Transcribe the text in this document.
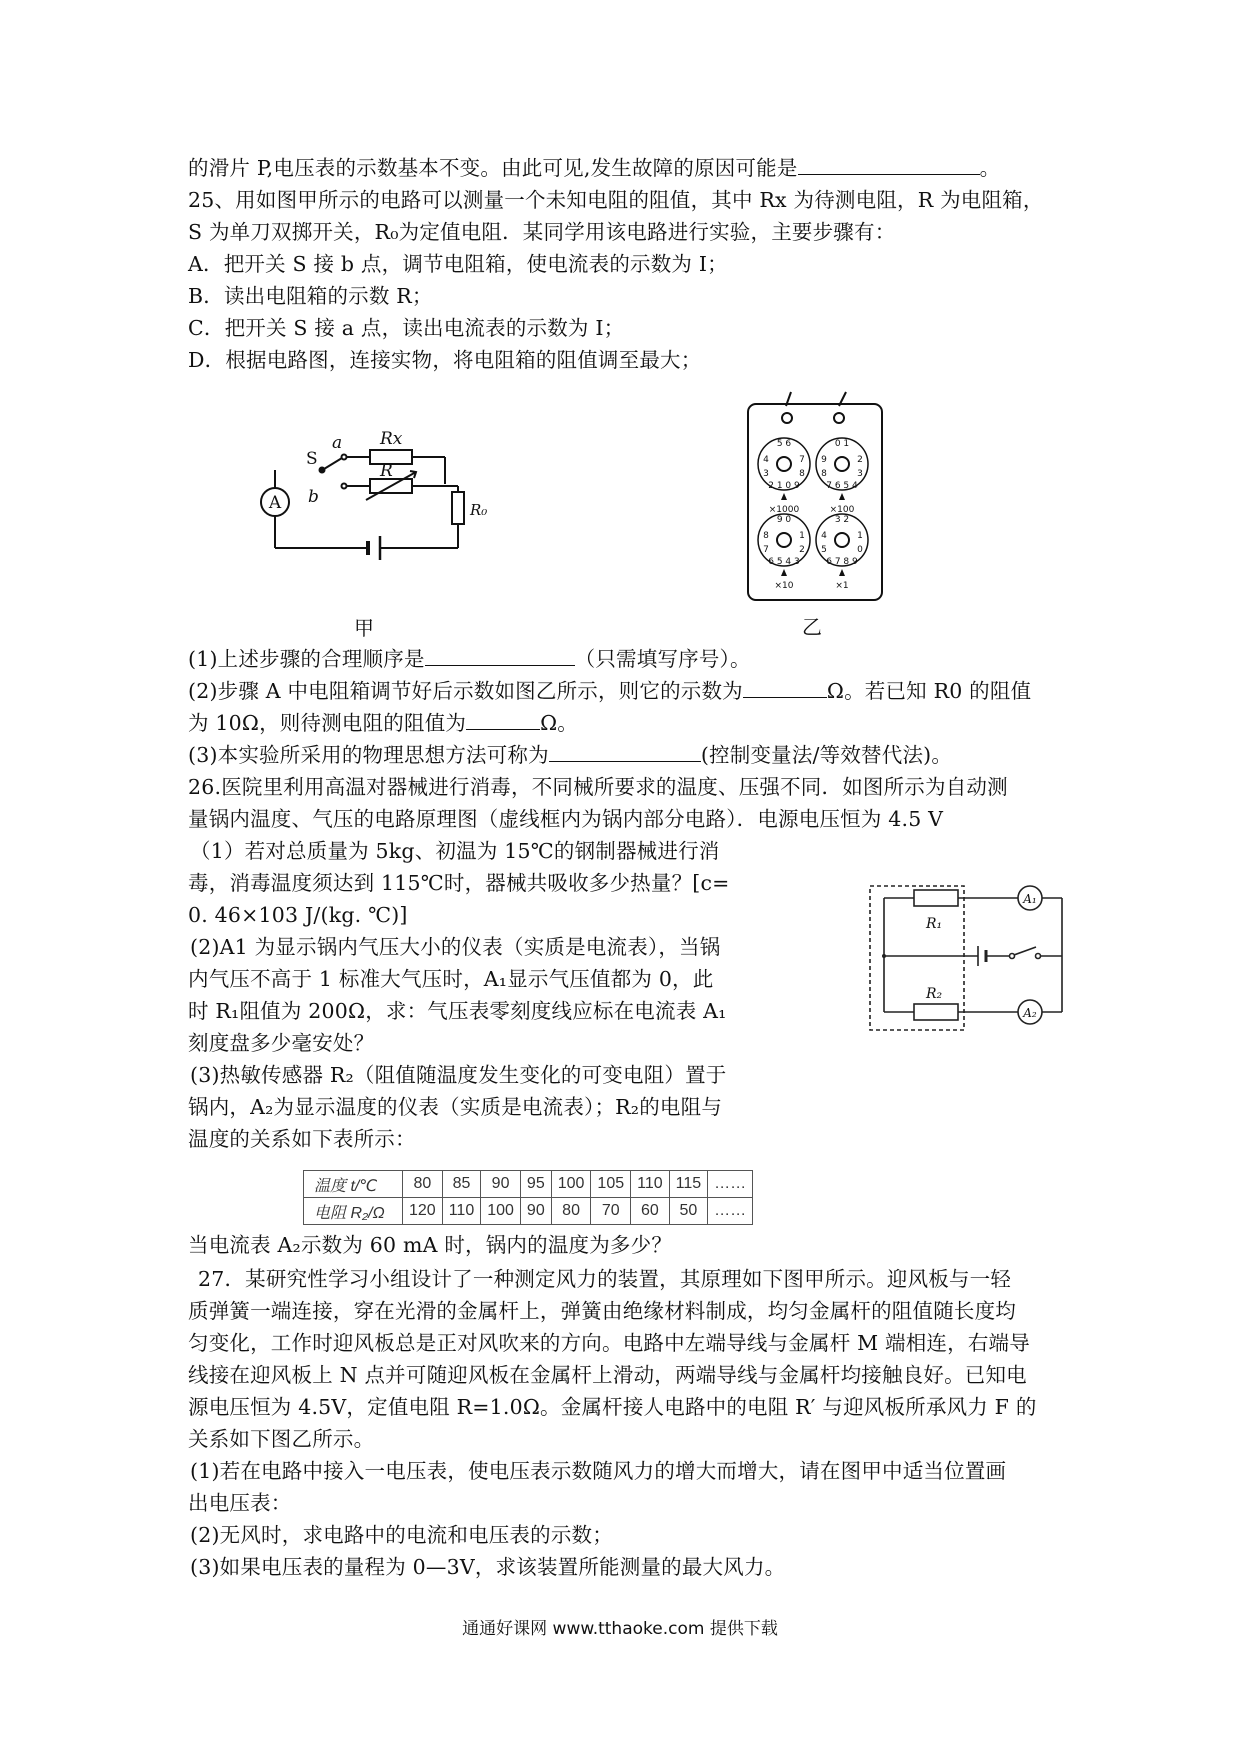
的滑片 P,电压表的示数基本不变。由此可见,发生故障的原因可能是	。
25、用如图甲所示的电路可以测量一个未知电阻的阻值，其中 Rx 为待测电阻，R 为电阻箱，
S 为单刀双掷开关，R₀为定值电阻．某同学用该电路进行实验，主要步骤有：
A．把开关 S 接 b 点，调节电阻箱，使电流表的示数为 I；
B．读出电阻箱的示数 R；
C．把开关 S 接 a 点，读出电流表的示数为 I；
D．根据电路图，连接实物，将电阻箱的阻值调至最大；
A
S
a
b
Rx
R
R₀
甲
5 6
4	7
3	8
2 1 0 9
0 1
9	2
8	3
7 6 5 4
9 0
8	1
7	2
6 5 4 3
3 2
4	1
5	0
6 7 8 9
×1000	×100
×10	×1
乙
(1)上述步骤的合理顺序是	（只需填写序号）。
(2)步骤 A 中电阻箱调节好后示数如图乙所示，则它的示数为	Ω。若已知 R0 的阻值
为 10Ω，则待测电阻的阻值为	Ω。
(3)本实验所采用的物理思想方法可称为	(控制变量法/等效替代法)。
26.医院里利用高温对器械进行消毒，不同械所要求的温度、压强不同．如图所示为自动测
量锅内温度、气压的电路原理图（虚线框内为锅内部分电路）．电源电压恒为 4.5 V
（1）若对总质量为 5kg、初温为 15℃的钢制器械进行消
毒，消毒温度须达到 115℃时，器械共吸收多少热量？[c=
0. 46×103 J/(kg. ℃)]
(2)A1 为显示锅内气压大小的仪表（实质是电流表），当锅
内气压不高于 1 标准大气压时，A₁显示气压值都为 0，此
时 R₁阻值为 200Ω，求：气压表零刻度线应标在电流表 A₁
刻度盘多少毫安处？
(3)热敏传感器 R₂（阻值随温度发生变化的可变电阻）置于
锅内，A₂为显示温度的仪表（实质是电流表）；R₂的电阻与
温度的关系如下表所示：
R₁
R₂
A₁
A₂
温度 t/℃	80	85	90	95	100	105	110	115	……
电阻 R₂/Ω	120	110	100	90	80	70	60	50	……
当电流表 A₂示数为 60 mA 时，锅内的温度为多少？
27．某研究性学习小组设计了一种测定风力的装置，其原理如下图甲所示。迎风板与一轻
质弹簧一端连接，穿在光滑的金属杆上，弹簧由绝缘材料制成，均匀金属杆的阻值随长度均
匀变化，工作时迎风板总是正对风吹来的方向。电路中左端导线与金属杆 M 端相连，右端导
线接在迎风板上 N 点并可随迎风板在金属杆上滑动，两端导线与金属杆均接触良好。已知电
源电压恒为 4.5V，定值电阻 R=1.0Ω。金属杆接人电路中的电阻 R′ 与迎风板所承风力 F 的
关系如下图乙所示。
(1)若在电路中接入一电压表，使电压表示数随风力的增大而增大，请在图甲中适当位置画
出电压表：
(2)无风时，求电路中的电流和电压表的示数；
(3)如果电压表的量程为 0—3V，求该装置所能测量的最大风力。
通通好课网 www.tthaoke.com 提供下载
